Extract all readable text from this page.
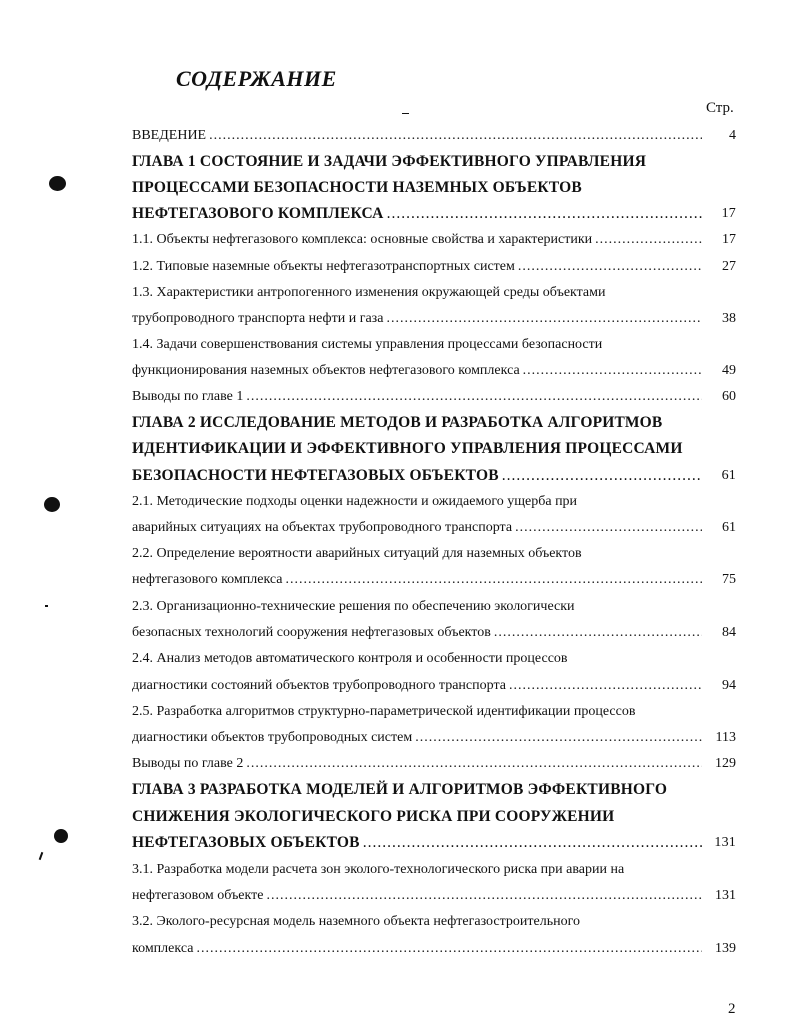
СОДЕРЖАНИЕ
Стр.
ВВЕДЕНИЕ .....	4
ГЛАВА 1 СОСТОЯНИЕ И ЗАДАЧИ ЭФФЕКТИВНОГО УПРАВЛЕНИЯ
ПРОЦЕССАМИ БЕЗОПАСНОСТИ НАЗЕМНЫХ ОБЪЕКТОВ
НЕФТЕГАЗОВОГО КОМПЛЕКСА .....	17
1.1. Объекты нефтегазового комплекса: основные свойства и характеристики .....	17
1.2. Типовые наземные объекты нефтегазотранспортных систем .....	27
1.3. Характеристики антропогенного изменения окружающей среды объектами
трубопроводного транспорта нефти и газа .....	38
1.4. Задачи совершенствования системы управления процессами безопасности
функционирования наземных объектов нефтегазового комплекса .....	49
Выводы по главе 1 .....	60
ГЛАВА 2 ИССЛЕДОВАНИЕ МЕТОДОВ И РАЗРАБОТКА АЛГОРИТМОВ
ИДЕНТИФИКАЦИИ И ЭФФЕКТИВНОГО УПРАВЛЕНИЯ ПРОЦЕССАМИ
БЕЗОПАСНОСТИ НЕФТЕГАЗОВЫХ ОБЪЕКТОВ .....	61
2.1. Методические подходы оценки надежности и ожидаемого ущерба при
аварийных ситуациях на объектах трубопроводного транспорта .....	61
2.2. Определение вероятности аварийных ситуаций для наземных объектов
нефтегазового комплекса .....	75
2.3. Организационно-технические решения по обеспечению экологически
безопасных технологий сооружения нефтегазовых объектов .....	84
2.4. Анализ методов автоматического контроля и особенности процессов
диагностики состояний объектов трубопроводного транспорта .....	94
2.5. Разработка алгоритмов структурно-параметрической идентификации процессов
диагностики объектов трубопроводных систем .....	113
Выводы по главе 2 .....	129
ГЛАВА 3 РАЗРАБОТКА МОДЕЛЕЙ И АЛГОРИТМОВ ЭФФЕКТИВНОГО
СНИЖЕНИЯ ЭКОЛОГИЧЕСКОГО РИСКА ПРИ СООРУЖЕНИИ
НЕФТЕГАЗОВЫХ ОБЪЕКТОВ .....	131
3.1. Разработка модели расчета зон эколого-технологического риска при аварии на
нефтегазовом объекте .....	131
3.2. Эколого-ресурсная модель наземного объекта нефтегазостроительного
комплекса .....	139
2
